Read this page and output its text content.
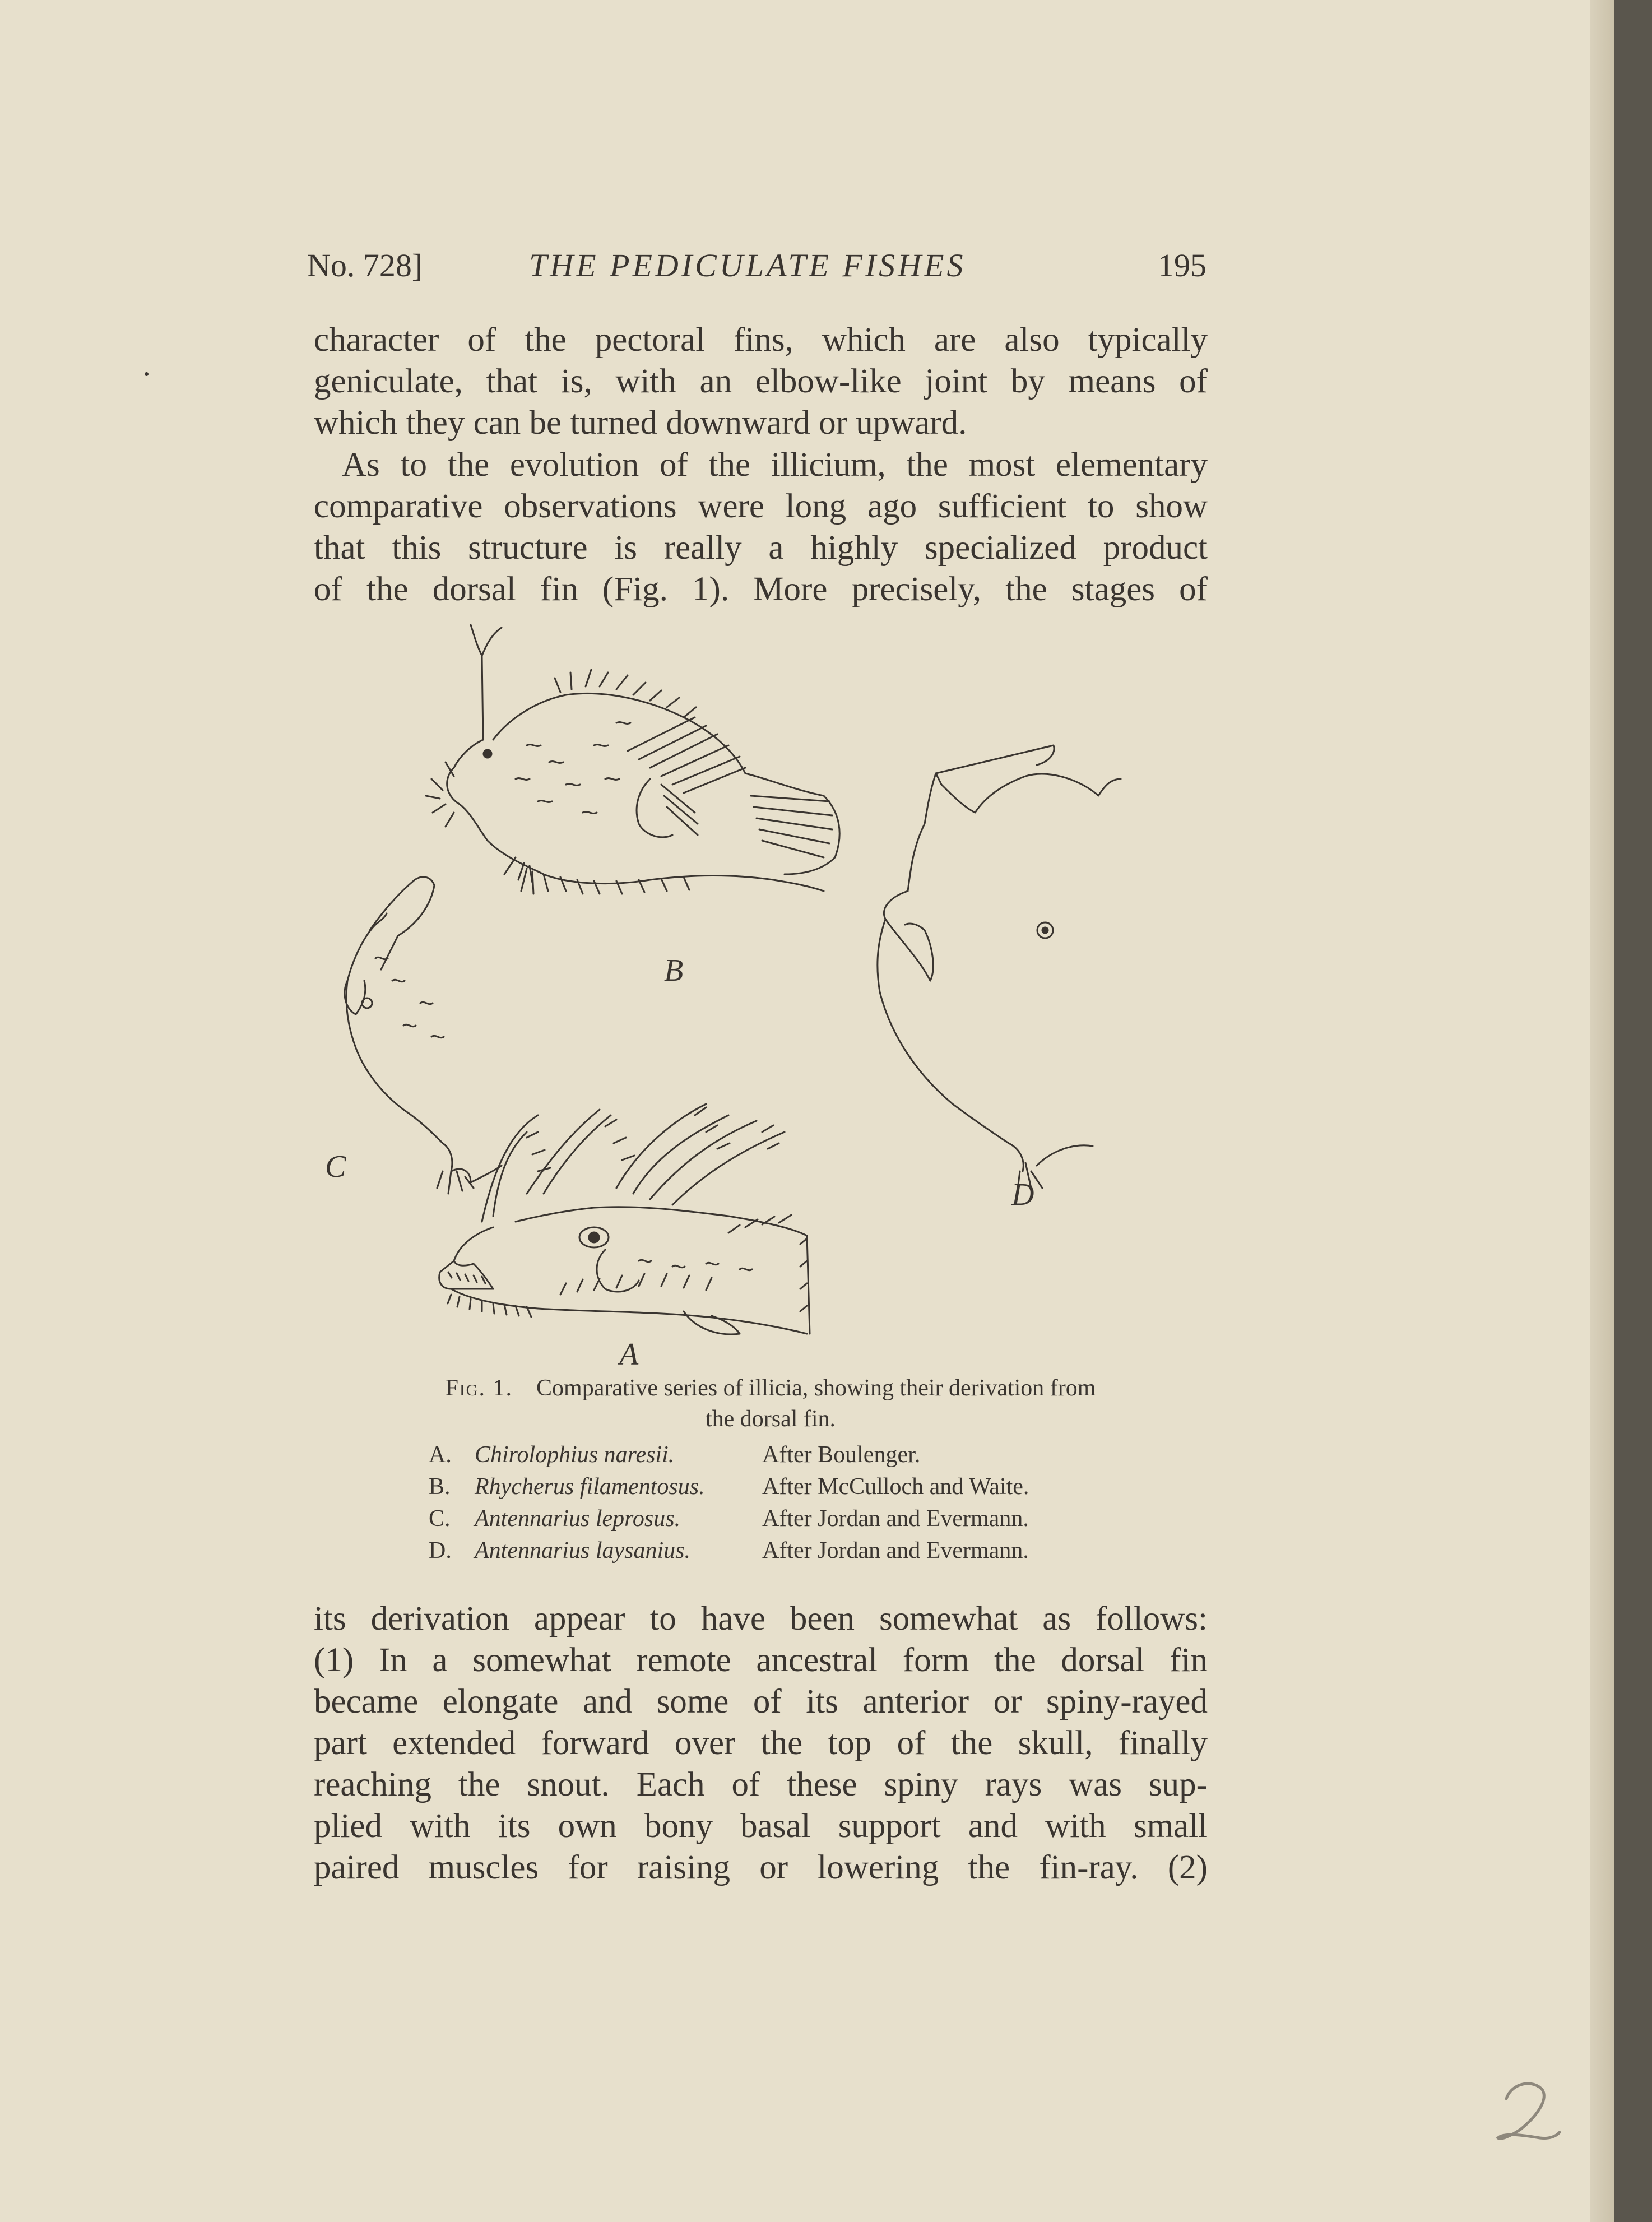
No. 728]	THE PEDICULATE FISHES	195
character of the pectoral fins, which are also typically
geniculate, that is, with an elbow-like joint by means of
which they can be turned downward or upward.
As to the evolution of the illicium, the most elementary
comparative observations were long ago sufficient to show
that this structure is really a highly specialized product
of the dorsal fin (Fig. 1). More precisely, the stages of
B
C
D
A
Fig. 1. Comparative series of illicia, showing their derivation from
the dorsal fin.
A. Chirolophius naresii.	After Boulenger.
B. Rhycherus filamentosus. After McCulloch and Waite.
C. Antennarius leprosus.	After Jordan and Evermann.
D. Antennarius laysanius.	After Jordan and Evermann.
its derivation appear to have been somewhat as follows:
(1) In a somewhat remote ancestral form the dorsal fin
became elongate and some of its anterior or spiny-rayed
part extended forward over the top of the skull, finally
reaching the snout. Each of these spiny rays was sup-
plied with its own bony basal support and with small
paired muscles for raising or lowering the fin-ray. (2)
